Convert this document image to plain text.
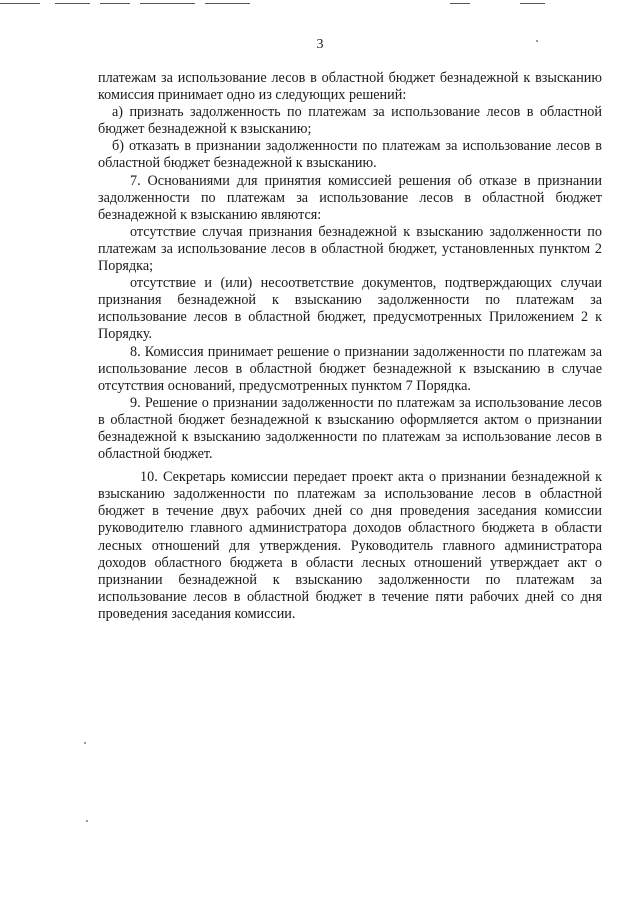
3

платежам за использование лесов в областной бюджет безнадежной к взысканию комиссия принимает одно из следующих решений:

а) признать задолженность по платежам за использование лесов в областной бюджет безнадежной к взысканию;

б) отказать в признании задолженности по платежам за использование лесов в областной бюджет безнадежной к взысканию.

7. Основаниями для принятия комиссией решения об отказе в признании задолженности по платежам за использование лесов в областной бюджет безнадежной к взысканию являются:

отсутствие случая признания безнадежной к взысканию задолженности по платежам за использование лесов в областной бюджет, установленных пунктом 2 Порядка;

отсутствие и (или) несоответствие документов, подтверждающих случаи признания безнадежной к взысканию задолженности по платежам за использование лесов в областной бюджет, предусмотренных Приложением 2 к Порядку.

8. Комиссия принимает решение о признании задолженности по платежам за использование лесов в областной бюджет безнадежной к взысканию в случае отсутствия оснований, предусмотренных пунктом 7 Порядка.

9. Решение о признании задолженности по платежам за использование лесов в областной бюджет безнадежной к взысканию оформляется актом о признании безнадежной к взысканию задолженности по платежам за использование лесов в областной бюджет.

10. Секретарь комиссии передает проект акта о признании безнадежной к взысканию задолженности по платежам за использование лесов в областной бюджет в течение двух рабочих дней со дня проведения заседания комиссии руководителю главного администратора доходов областного бюджета в области лесных отношений для утверждения. Руководитель главного администратора доходов областного бюджета в области лесных отношений утверждает акт о признании безнадежной к взысканию задолженности по платежам за использование лесов в областной бюджет в течение пяти рабочих дней со дня проведения заседания комиссии.
